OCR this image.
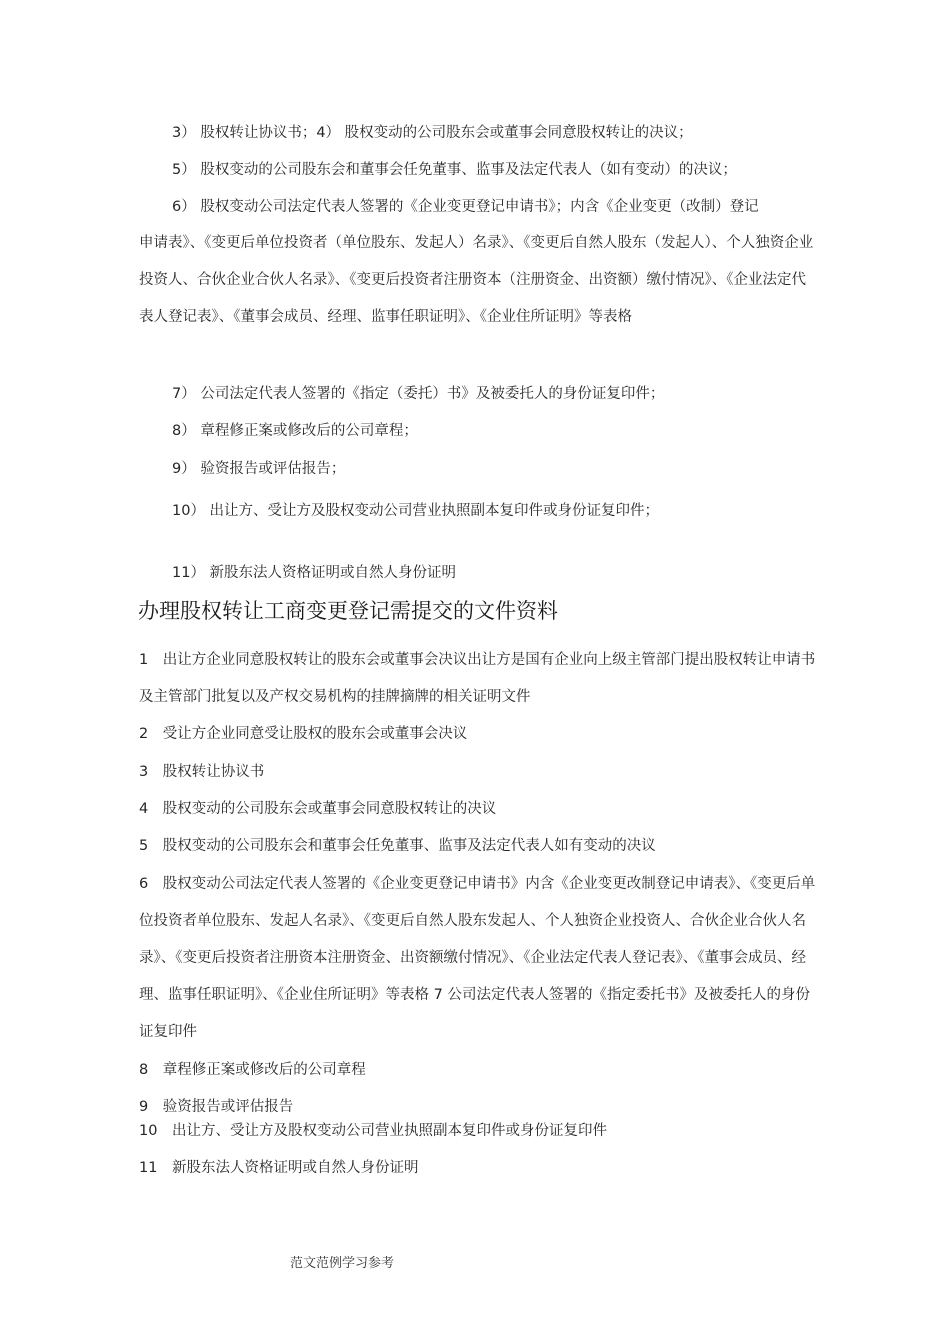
3） 股权转让协议书；4） 股权变动的公司股东会或董事会同意股权转让的决议；
5） 股权变动的公司股东会和董事会任免董事、监事及法定代表人（如有变动）的决议；
6） 股权变动公司法定代表人签署的《企业变更登记申请书》；内含《企业变更（改制）登记
申请表》、《变更后单位投资者（单位股东、发起人）名录》、《变更后自然人股东（发起人）、个人独资企业投资人、合伙企业合伙人名录》、《变更后投资者注册资本（注册资金、出资额）缴付情况》、《企业法定代表人登记表》、《董事会成员、经理、监事任职证明》、《企业住所证明》等表格
7） 公司法定代表人签署的《指定（委托）书》及被委托人的身份证复印件；
8） 章程修正案或修改后的公司章程；
9） 验资报告或评估报告；
10） 出让方、受让方及股权变动公司营业执照副本复印件或身份证复印件；
11） 新股东法人资格证明或自然人身份证明
办理股权转让工商变更登记需提交的文件资料
1　出让方企业同意股权转让的股东会或董事会决议出让方是国有企业向上级主管部门提出股权转让申请书及主管部门批复以及产权交易机构的挂牌摘牌的相关证明文件
2　受让方企业同意受让股权的股东会或董事会决议
3　股权转让协议书
4　股权变动的公司股东会或董事会同意股权转让的决议
5　股权变动的公司股东会和董事会任免董事、监事及法定代表人如有变动的决议
6　股权变动公司法定代表人签署的《企业变更登记申请书》内含《企业变更改制登记申请表》、《变更后单位投资者单位股东、发起人名录》、《变更后自然人股东发起人、个人独资企业投资人、合伙企业合伙人名录》、《变更后投资者注册资本注册资金、出资额缴付情况》、《企业法定代表人登记表》、《董事会成员、经理、监事任职证明》、《企业住所证明》等表格 7 公司法定代表人签署的《指定委托书》及被委托人的身份证复印件
8　章程修正案或修改后的公司章程
9　验资报告或评估报告
10　出让方、受让方及股权变动公司营业执照副本复印件或身份证复印件
11　新股东法人资格证明或自然人身份证明
范文范例学习参考
